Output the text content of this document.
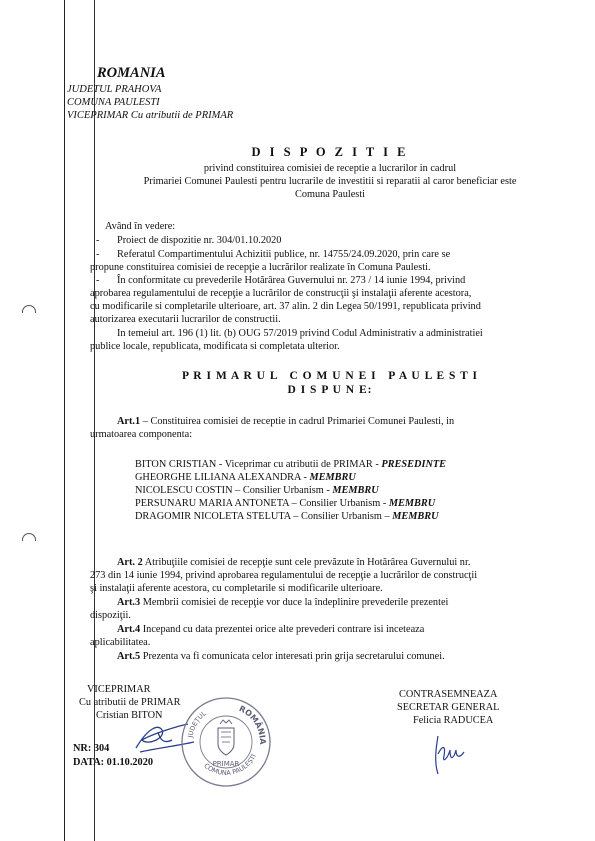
ROMANIA
JUDETUL PRAHOVA
COMUNA PAULESTI
VICEPRIMAR Cu atributii de PRIMAR
D I S P O Z I T I E
privind constituirea comisiei de receptie a lucrarilor in cadrul
Primariei Comunei Paulesti pentru lucrarile de investitii si reparatii al caror beneficiar este
Comuna Paulesti
Având în vedere:
- Proiect de dispozitie nr. 304/01.10.2020
- Referatul Compartimentului Achizitii publice, nr. 14755/24.09.2020, prin care se
propune constituirea comisiei de recepţie a lucrărilor realizate în Comuna Paulesti.
- În conformitate cu prevederile Hotărârea Guvernului nr. 273 / 14 iunie 1994, privind
aprobarea regulamentului de recepţie a lucrărilor de construcţii şi instalaţii aferente acestora,
cu modificarile si completarile ulterioare, art. 37 alin. 2 din Legea 50/1991, republicata privind
autorizarea executarii lucrarilor de constructii.
In temeiul art. 196 (1) lit. (b) OUG 57/2019 privind Codul Administrativ a administratiei
publice locale, republicata, modificata si completata ulterior.
P R I M A R U L   C O M U N E I   P A U L E S T I
D I S P U N E:
Art.1 – Constituirea comisiei de receptie in cadrul Primariei Comunei Paulesti, in
urmatoarea componenta:
BITON CRISTIAN - Viceprimar cu atributii de PRIMAR - PRESEDINTE
GHEORGHE LILIANA ALEXANDRA - MEMBRU
NICOLESCU COSTIN – Consilier Urbanism - MEMBRU
PERSUNARU MARIA ANTONETA – Consilier Urbanism - MEMBRU
DRAGOMIR NICOLETA STELUTA – Consilier Urbanism – MEMBRU
Art. 2 Atribuţiile comisiei de recepţie sunt cele prevăzute în Hotărârea Guvernului nr.
273 din 14 iunie 1994, privind aprobarea regulamentului de recepţie a lucrărilor de construcţii
şi instalaţii aferente acestora, cu completarile si modificarile ulterioare.
Art.3 Membrii comisiei de recepţie vor duce la îndeplinire prevederile prezentei
dispoziţii.
Art.4 Incepand cu data prezentei orice alte prevederi contrare isi inceteaza
aplicabilitatea.
Art.5 Prezenta va fi comunicata celor interesati prin grija secretarului comunei.
VICEPRIMAR
Cu atributii de PRIMAR
Cristian BITON
NR: 304
DATA: 01.10.2020
ROMÂNIA
JUDEȚUL
COMUNA PAULEȘTI
PRIMAR
CONTRASEMNEAZA
SECRETAR GENERAL
Felicia RADUCEA
